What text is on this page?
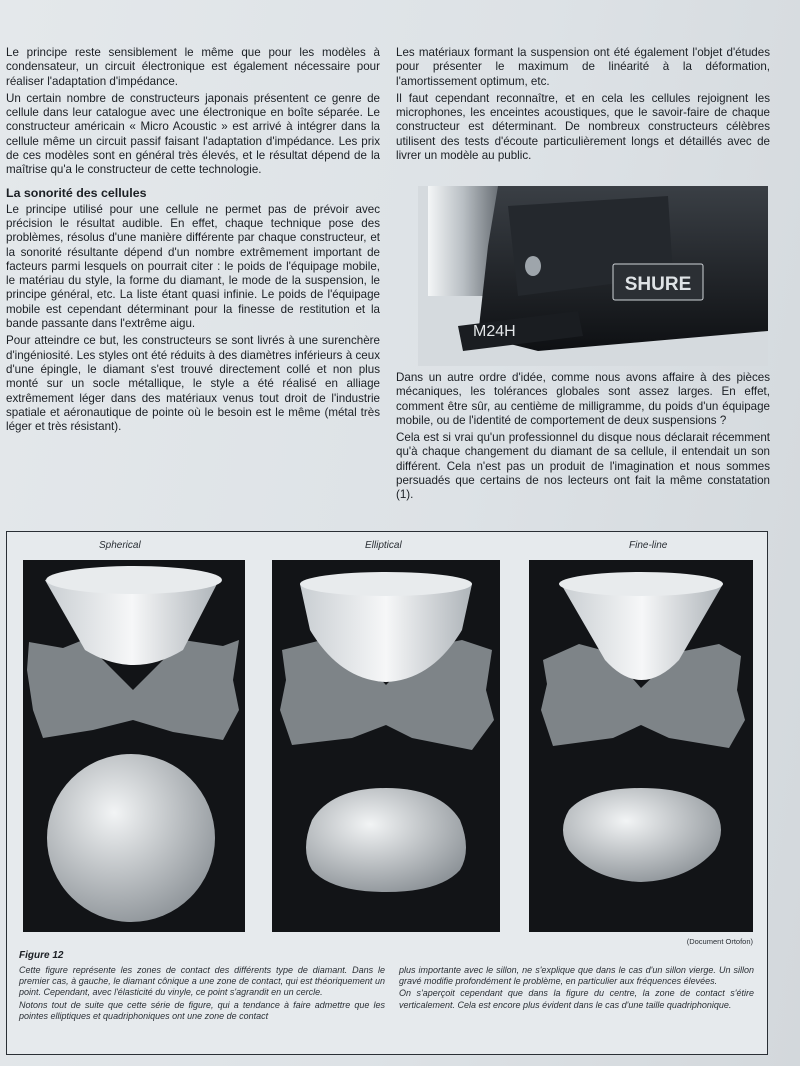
Le principe reste sensiblement le même que pour les modèles à condensateur, un circuit électronique est également nécessaire pour réaliser l'adaptation d'impédance.

Un certain nombre de constructeurs japonais présentent ce genre de cellule dans leur catalogue avec une électronique en boîte séparée. Le constructeur américain « Micro Acoustic » est arrivé à intégrer dans la cellule même un circuit passif faisant l'adaptation d'impédance. Les prix de ces modèles sont en général très élevés, et le résultat dépend de la maîtrise qu'a le constructeur de cette technologie.

La sonorité des cellules

Le principe utilisé pour une cellule ne permet pas de prévoir avec précision le résultat audible. En effet, chaque technique pose des problèmes, résolus d'une manière différente par chaque constructeur, et la sonorité résultante dépend d'un nombre extrêmement important de facteurs parmi lesquels on pourrait citer : le poids de l'équipage mobile, le matériau du style, la forme du diamant, le mode de la suspension, le principe général, etc. La liste étant quasi infinie. Le poids de l'équipage mobile est cependant déterminant pour la finesse de restitution et la bande passante dans l'extrême aigu.

Pour atteindre ce but, les constructeurs se sont livrés à une surenchère d'ingéniosité. Les styles ont été réduits à des diamètres inférieurs à ceux d'une épingle, le diamant s'est trouvé directement collé et non plus monté sur un socle métallique, le style a été réalisé en alliage extrêmement léger dans des matériaux venus tout droit de l'industrie spatiale et aéronautique de pointe où le besoin est le même (métal très léger et très résistant).

Les matériaux formant la suspension ont été également l'objet d'études pour présenter le maximum de linéarité à la déformation, l'amortissement optimum, etc.

Il faut cependant reconnaître, et en cela les cellules rejoignent les microphones, les enceintes acoustiques, que le savoir-faire de chaque constructeur est déterminant. De nombreux constructeurs célèbres utilisent des tests d'écoute particulièrement longs et détaillés avec de livrer un modèle au public.

SHURE
M24H

Dans un autre ordre d'idée, comme nous avons affaire à des pièces mécaniques, les tolérances globales sont assez larges. En effet, comment être sûr, au centième de milligramme, du poids d'un équipage mobile, ou de l'identité de comportement de deux suspensions ?

Cela est si vrai qu'un professionnel du disque nous déclarait récemment qu'à chaque changement du diamant de sa cellule, il entendait un son différent. Cela n'est pas un produit de l'imagination et nous sommes persuadés que certains de nos lecteurs ont fait la même constatation (1).

Spherical	Elliptical	Fine-line
(Document Ortofon)
Figure 12

Cette figure représente les zones de contact des différents type de diamant. Dans le premier cas, à gauche, le diamant cônique a une zone de contact, qui est théoriquement un point. Cependant, avec l'élasticité du vinyle, ce point s'agrandit en un cercle.

Notons tout de suite que cette série de figure, qui a tendance à faire admettre que les pointes elliptiques et quadriphoniques ont une zone de contact

plus importante avec le sillon, ne s'explique que dans le cas d'un sillon vierge. Un sillon gravé modifie profondément le problème, en particulier aux fréquences élevées.

On s'aperçoit cependant que dans la figure du centre, la zone de contact s'étire verticalement. Cela est encore plus évident dans le cas d'une taille quadriphonique.
